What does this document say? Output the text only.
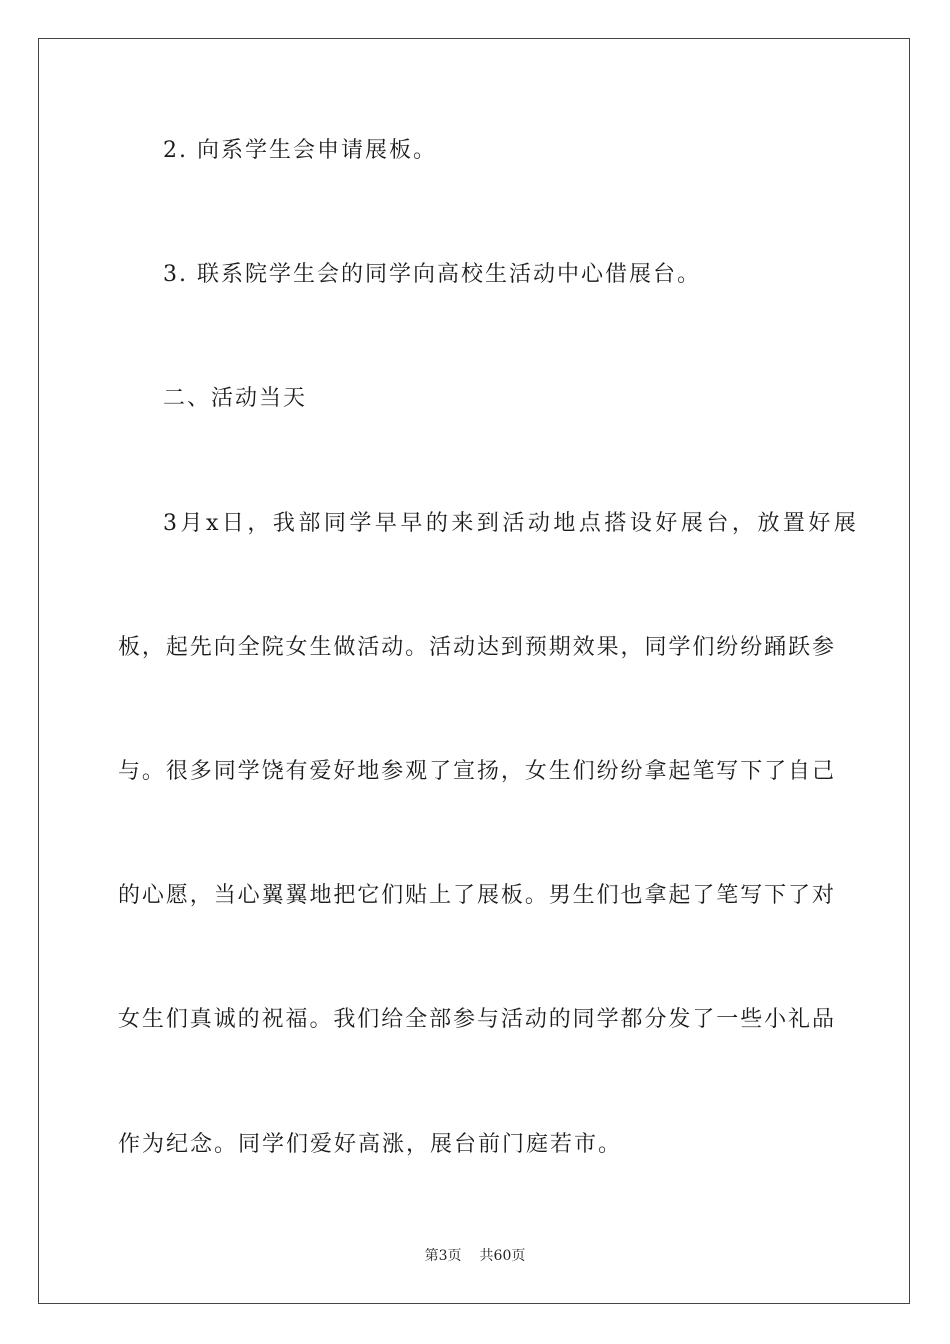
2. 向系学生会申请展板。
3. 联系院学生会的同学向高校生活动中心借展台。
二、活动当天
3月x日，我部同学早早的来到活动地点搭设好展台，放置好展
板，起先向全院女生做活动。活动达到预期效果，同学们纷纷踊跃参
与。很多同学饶有爱好地参观了宣扬，女生们纷纷拿起笔写下了自己
的心愿，当心翼翼地把它们贴上了展板。男生们也拿起了笔写下了对
女生们真诚的祝福。我们给全部参与活动的同学都分发了一些小礼品
作为纪念。同学们爱好高涨，展台前门庭若市。
第3页 共60页
